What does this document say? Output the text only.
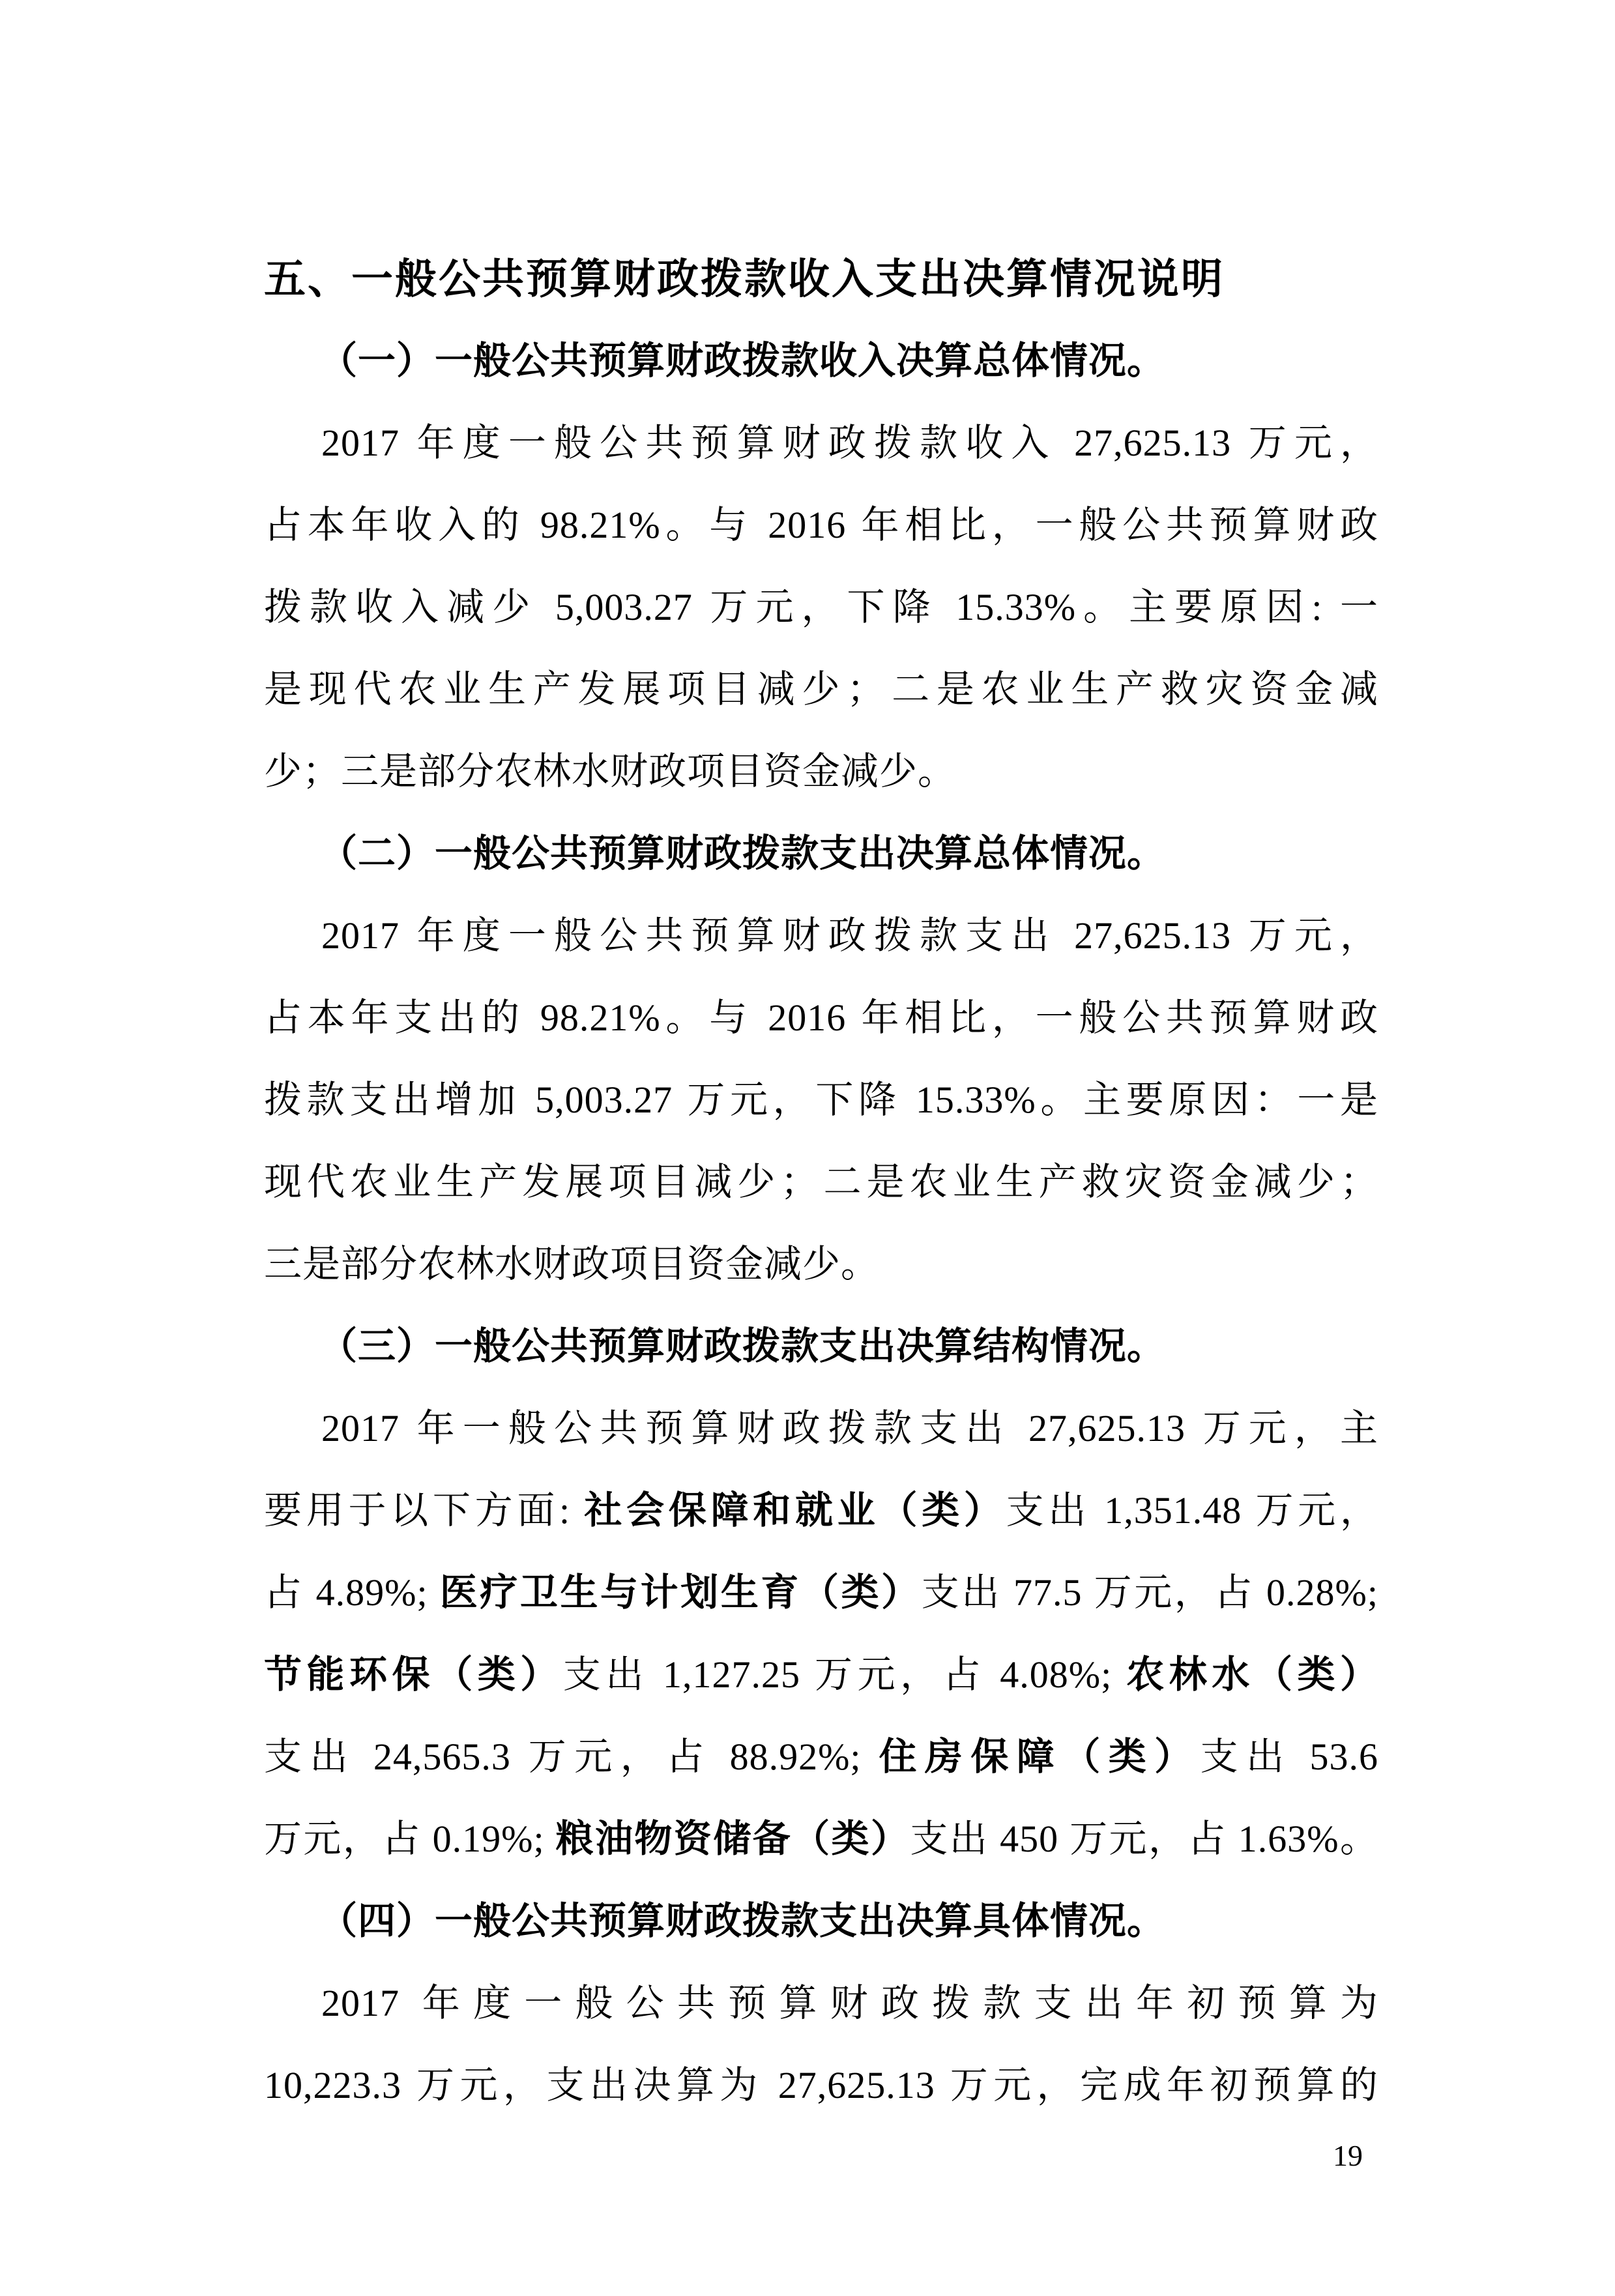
五、一般公共预算财政拨款收入支出决算情况说明
（一）一般公共预算财政拨款收入决算总体情况。
2017 年度一般公共预算财政拨款收入 27,625.13 万元，
占本年收入的 98.21%。与 2016 年相比，一般公共预算财政
拨款收入减少 5,003.27 万元，下降 15.33%。主要原因: 一
是现代农业生产发展项目减少；二是农业生产救灾资金减
少；三是部分农林水财政项目资金减少。
（二）一般公共预算财政拨款支出决算总体情况。
2017 年度一般公共预算财政拨款支出 27,625.13 万元，
占本年支出的 98.21%。与 2016 年相比，一般公共预算财政
拨款支出增加 5,003.27 万元，下降 15.33%。主要原因：一是
现代农业生产发展项目减少；二是农业生产救灾资金减少；
三是部分农林水财政项目资金减少。
（三）一般公共预算财政拨款支出决算结构情况。
2017 年一般公共预算财政拨款支出 27,625.13 万元，主
要用于以下方面: 社会保障和就业（类）支出 1,351.48 万元，
占 4.89%; 医疗卫生与计划生育（类）支出 77.5 万元，占 0.28%;
节能环保（类）支出 1,127.25 万元，占 4.08%; 农林水（类）
支出 24,565.3 万元，占 88.92%; 住房保障（类）支出 53.6
万元，占 0.19%; 粮油物资储备（类）支出 450 万元，占 1.63%。
（四）一般公共预算财政拨款支出决算具体情况。
2017 年度一般公共预算财政拨款支出年初预算为
10,223.3 万元，支出决算为 27,625.13 万元，完成年初预算的
19
